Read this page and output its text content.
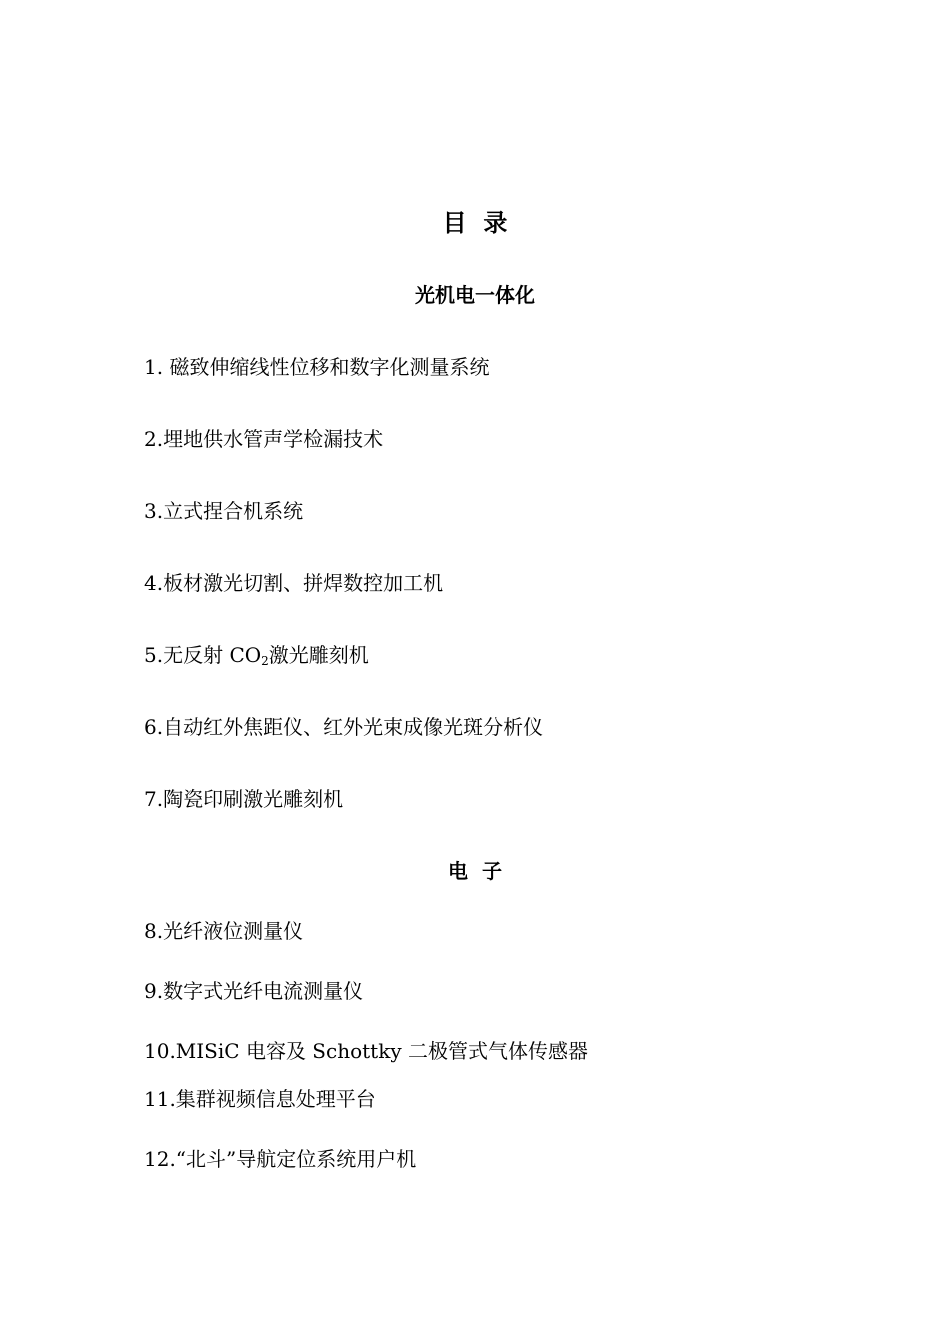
目  录
光机电一体化
1. 磁致伸缩线性位移和数字化测量系统
2.埋地供水管声学检漏技术
3.立式捏合机系统
4.板材激光切割、拼焊数控加工机
5.无反射 $CO_2$激光雕刻机
6.自动红外焦距仪、红外光束成像光斑分析仪
7.陶瓷印刷激光雕刻机
电  子
8.光纤液位测量仪
9.数字式光纤电流测量仪
10.MISiC 电容及 Schottky 二极管式气体传感器
11.集群视频信息处理平台
12.“北斗”导航定位系统用户机
